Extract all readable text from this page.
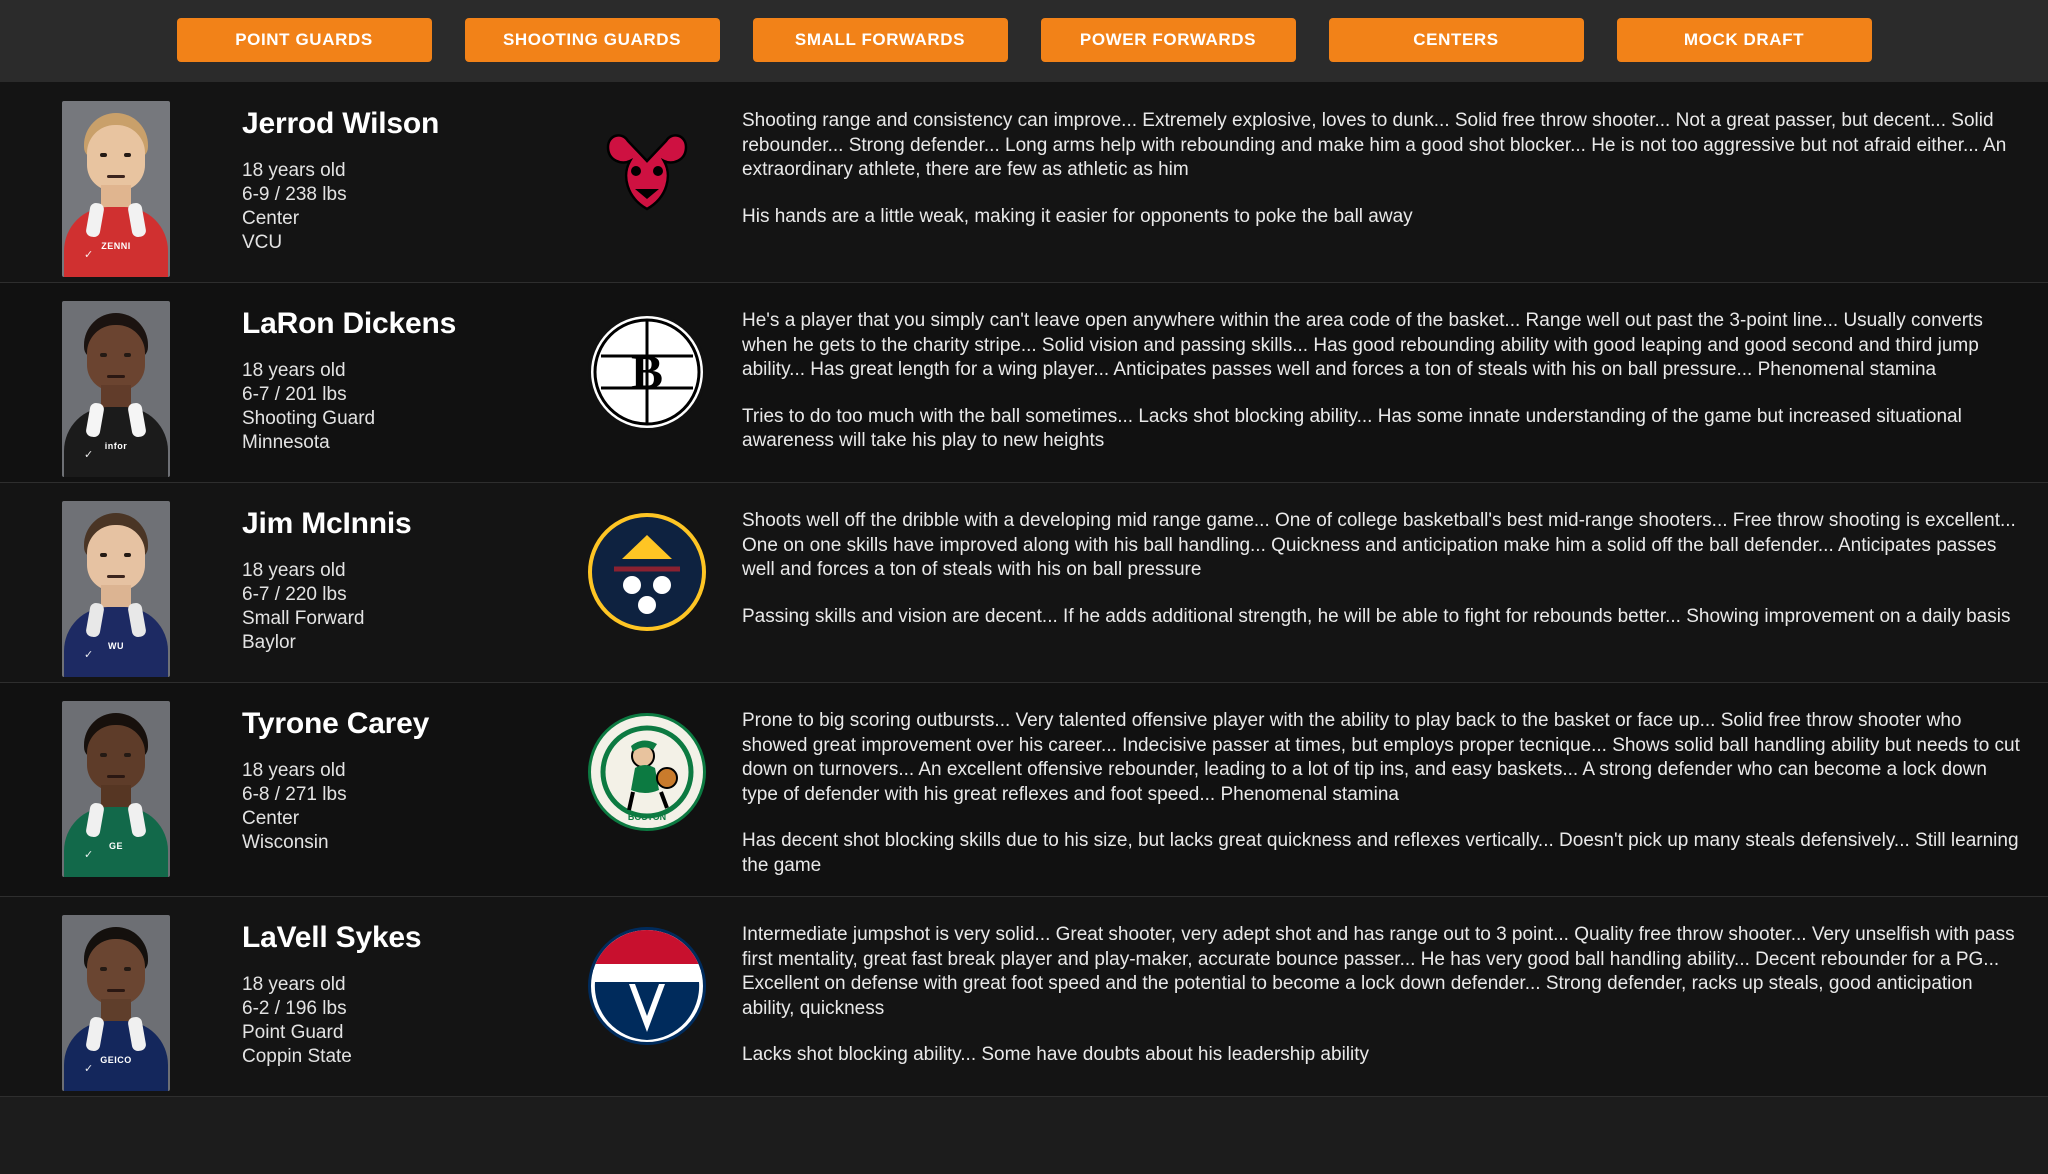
POINT GUARDS	SHOOTING GUARDS	SMALL FORWARDS	POWER FORWARDS	CENTERS	MOCK DRAFT
ZENNI
✓
Jerrod Wilson
18 years old
6-9 / 238 lbs
Center
VCU

Shooting range and consistency can improve... Extremely explosive, loves to dunk... Solid free throw shooter... Not a great passer, but decent... Solid rebounder... Strong defender... Long arms help with rebounding and make him a good shot blocker... He is not too aggressive but not afraid either... An extraordinary athlete, there are few as athletic as him

His hands are a little weak, making it easier for opponents to poke the ball away

infor
✓
LaRon Dickens
18 years old
6-7 / 201 lbs
Shooting Guard
Minnesota
B

He's a player that you simply can't leave open anywhere within the area code of the basket... Range well out past the 3-point line... Usually converts when he gets to the charity stripe... Solid vision and passing skills... Has good rebounding ability with good leaping and good second and third jump ability... Has great length for a wing player... Anticipates passes well and forces a ton of steals with his on ball pressure... Phenomenal stamina

Tries to do too much with the ball sometimes... Lacks shot blocking ability... Has some innate understanding of the game but increased situational awareness will take his play to new heights

WU
✓
Jim McInnis
18 years old
6-7 / 220 lbs
Small Forward
Baylor

Shoots well off the dribble with a developing mid range game... One of college basketball's best mid-range shooters... Free throw shooting is excellent... One on one skills have improved along with his ball handling... Quickness and anticipation make him a solid off the ball defender... Anticipates passes well and forces a ton of steals with his on ball pressure

Passing skills and vision are decent... If he adds additional strength, he will be able to fight for rebounds better... Showing improvement on a daily basis

GE
✓
Tyrone Carey
18 years old
6-8 / 271 lbs
Center
Wisconsin
BOSTON

Prone to big scoring outbursts... Very talented offensive player with the ability to play back to the basket or face up... Solid free throw shooter who showed great improvement over his career... Indecisive passer at times, but employs proper tecnique... Shows solid ball handling ability but needs to cut down on turnovers... An excellent offensive rebounder, leading to a lot of tip ins, and easy baskets... A strong defender who can become a lock down type of defender with his great reflexes and foot speed... Phenomenal stamina

Has decent shot blocking skills due to his size, but lacks great quickness and reflexes vertically... Doesn't pick up many steals defensively... Still learning the game

GEICO
✓
LaVell Sykes
18 years old
6-2 / 196 lbs
Point Guard
Coppin State

Intermediate jumpshot is very solid... Great shooter, very adept shot and has range out to 3 point... Quality free throw shooter... Very unselfish with pass first mentality, great fast break player and play-maker, accurate bounce passer... He has very good ball handling ability... Decent rebounder for a PG... Excellent on defense with great foot speed and the potential to become a lock down defender... Strong defender, racks up steals, good anticipation ability, quickness

Lacks shot blocking ability... Some have doubts about his leadership ability
